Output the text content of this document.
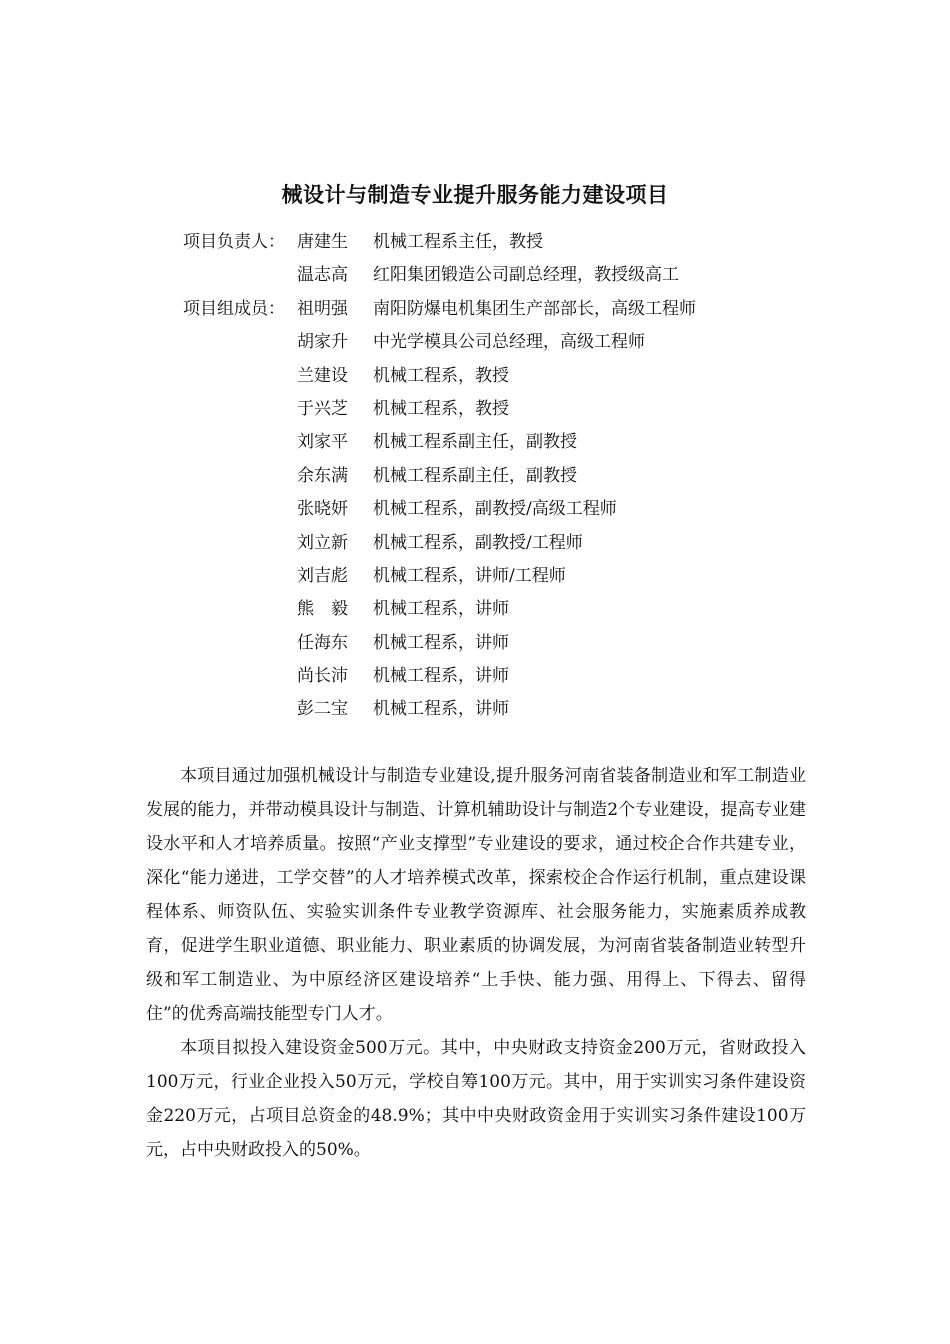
械设计与制造专业提升服务能力建设项目
项目负责人： 唐建生 机械工程系主任，教授
温志高 红阳集团锻造公司副总经理，教授级高工
项目组成员： 祖明强 南阳防爆电机集团生产部部长，高级工程师
胡家升 中光学模具公司总经理，高级工程师
兰建设 机械工程系，教授
于兴芝 机械工程系，教授
刘家平 机械工程系副主任，副教授
余东满 机械工程系副主任，副教授
张晓妍 机械工程系，副教授/高级工程师
刘立新 机械工程系，副教授/工程师
刘吉彪 机械工程系，讲师/工程师
熊毅 机械工程系，讲师
任海东 机械工程系，讲师
尚长沛 机械工程系，讲师
彭二宝 机械工程系，讲师

本项目通过加强机械设计与制造专业建设,提升服务河南省装备制造业和军工制造业发展的能力，并带动模具设计与制造、计算机辅助设计与制造2个专业建设，提高专业建设水平和人才培养质量。按照“产业支撑型”专业建设的要求，通过校企合作共建专业，深化“能力递进，工学交替”的人才培养模式改革，探索校企合作运行机制，重点建设课程体系、师资队伍、实验实训条件专业教学资源库、社会服务能力，实施素质养成教育，促进学生职业道德、职业能力、职业素质的协调发展，为河南省装备制造业转型升级和军工制造业、为中原经济区建设培养“上手快、能力强、用得上、下得去、留得住”的优秀高端技能型专门人才。

本项目拟投入建设资金500万元。其中，中央财政支持资金200万元，省财政投入100万元，行业企业投入50万元，学校自筹100万元。其中，用于实训实习条件建设资金220万元，占项目总资金的48.9%；其中中央财政资金用于实训实习条件建设100万元，占中央财政投入的50%。
